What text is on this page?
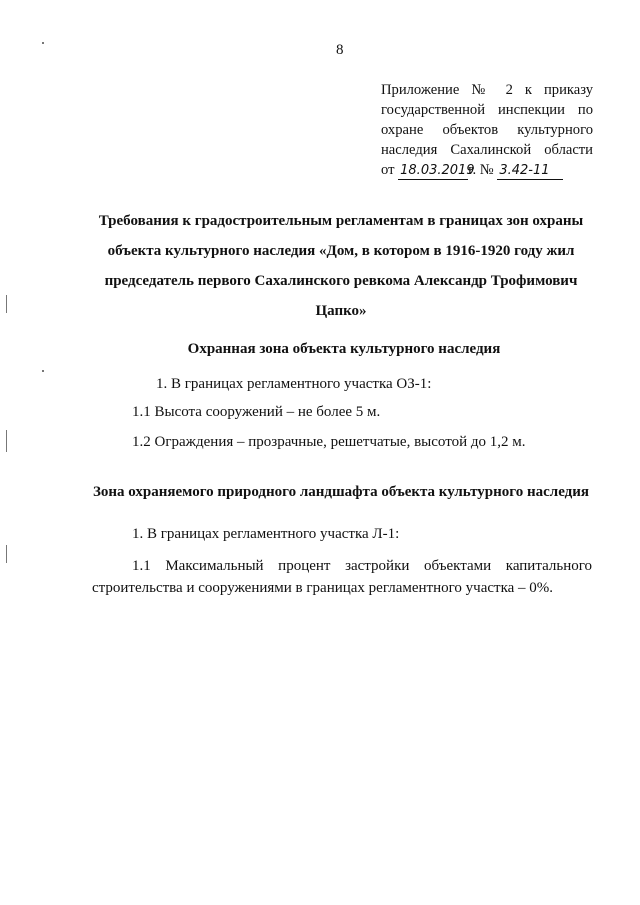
8
Приложение № 2 к приказу
государственной инспекции по
охране объектов культурного
наследия Сахалинской области
от 18.03.2019г. № 3.42-11
Требования к градостроительным регламентам в границах зон охраны объекта культурного наследия «Дом, в котором в 1916-1920 году жил председатель первого Сахалинского ревкома Александр Трофимович Цапко»
Охранная зона объекта культурного наследия
1. В границах регламентного участка ОЗ-1:
1.1 Высота сооружений – не более 5 м.
1.2 Ограждения – прозрачные, решетчатые, высотой до 1,2 м.
Зона охраняемого природного ландшафта объекта культурного наследия
1. В границах регламентного участка Л-1:
1.1 Максимальный процент застройки объектами капитального
строительства и сооружениями в границах регламентного участка – 0%.
